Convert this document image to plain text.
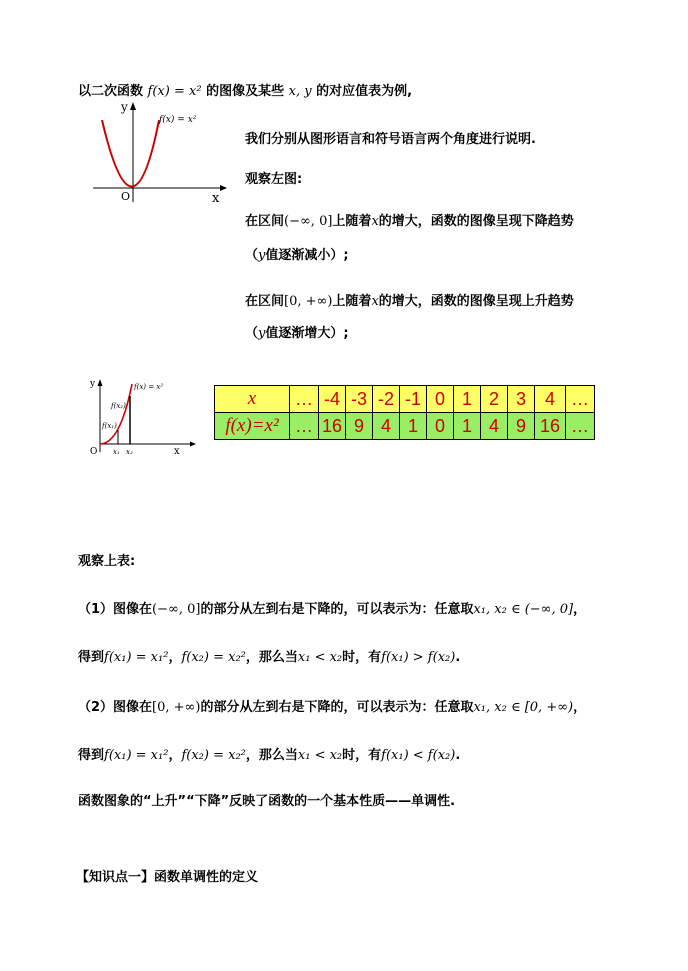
以二次函数 f(x) = x² 的图像及某些 x, y 的对应值表为例,
y
x
O
f(x) = x²
我们分别从图形语言和符号语言两个角度进行说明.
观察左图:
在区间(−∞, 0]上随着x的增大，函数的图像呈现下降趋势
（y值逐渐减小）;
在区间[0, +∞)上随着x的增大，函数的图像呈现上升趋势
（y值逐渐增大）;
y
x
O
f(x) = x²
f(x₂)
f(x₁)
x₁ x₂
x	…	-4	-3	-2	-1	0	1	2	3	4	…
f(x)=x²	…	16	9	4	1	0	1	4	9	16	…
观察上表:
（1）图像在(−∞, 0]的部分从左到右是下降的，可以表示为：任意取x₁, x₂ ∈ (−∞, 0]，
得到f(x₁) = x₁²，f(x₂) = x₂²，那么当x₁ < x₂时，有f(x₁) > f(x₂).
（2）图像在[0, +∞)的部分从左到右是下降的，可以表示为：任意取x₁, x₂ ∈ [0, +∞)，
得到f(x₁) = x₁²，f(x₂) = x₂²，那么当x₁ < x₂时，有f(x₁) < f(x₂).
函数图象的“上升”“下降”反映了函数的一个基本性质——单调性.
【知识点一】函数单调性的定义
